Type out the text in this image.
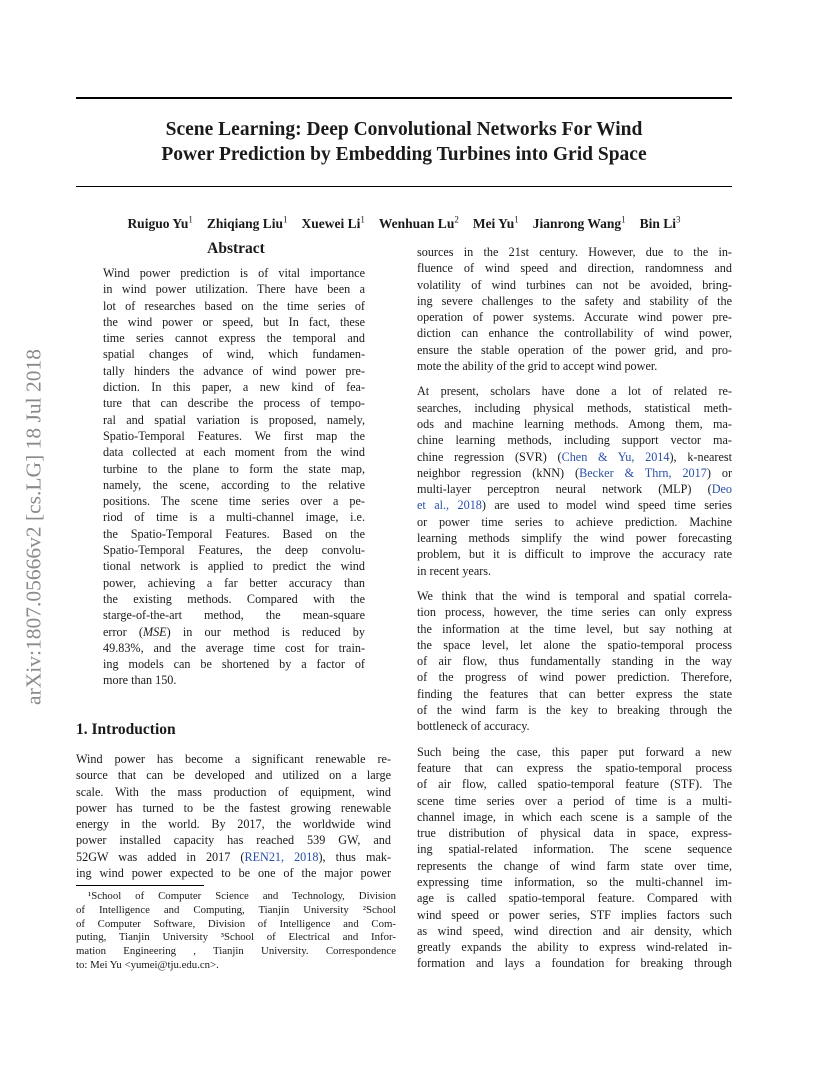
Scene Learning: Deep Convolutional Networks For Wind
Power Prediction by Embedding Turbines into Grid Space
Ruiguo Yu$^1$ Zhiqiang Liu$^1$ Xuewei Li$^1$ Wenhuan Lu$^2$ Mei Yu$^1$ Jianrong Wang$^1$ Bin Li$^3$
arXiv:1807.05666v2 [cs.LG] 18 Jul 2018
Abstract
Wind power prediction is of vital importance
in wind power utilization. There have been a
lot of researches based on the time series of
the wind power or speed, but In fact, these
time series cannot express the temporal and
spatial changes of wind, which fundamen-
tally hinders the advance of wind power pre-
diction. In this paper, a new kind of fea-
ture that can describe the process of tempo-
ral and spatial variation is proposed, namely,
Spatio-Temporal Features. We first map the
data collected at each moment from the wind
turbine to the plane to form the state map,
namely, the scene, according to the relative
positions. The scene time series over a pe-
riod of time is a multi-channel image, i.e.
the Spatio-Temporal Features. Based on the
Spatio-Temporal Features, the deep convolu-
tional network is applied to predict the wind
power, achieving a far better accuracy than
the existing methods. Compared with the
starge-of-the-art method, the mean-square
error (MSE) in our method is reduced by
49.83%, and the average time cost for train-
ing models can be shortened by a factor of
more than 150.
1. Introduction
Wind power has become a significant renewable re-
source that can be developed and utilized on a large
scale. With the mass production of equipment, wind
power has turned to be the fastest growing renewable
energy in the world. By 2017, the worldwide wind
power installed capacity has reached 539 GW, and
52GW was added in 2017 (REN21, 2018), thus mak-
ing wind power expected to be one of the major power
¹School of Computer Science and Technology, Division
of Intelligence and Computing, Tianjin University ²School
of Computer Software, Division of Intelligence and Com-
puting, Tianjin University ³School of Electrical and Infor-
mation Engineering , Tianjin University. Correspondence
to: Mei Yu <yumei@tju.edu.cn>.
sources in the 21st century. However, due to the in-
fluence of wind speed and direction, randomness and
volatility of wind turbines can not be avoided, bring-
ing severe challenges to the safety and stability of the
operation of power systems. Accurate wind power pre-
diction can enhance the controllability of wind power,
ensure the stable operation of the power grid, and pro-
mote the ability of the grid to accept wind power.
At present, scholars have done a lot of related re-
searches, including physical methods, statistical meth-
ods and machine learning methods. Among them, ma-
chine learning methods, including support vector ma-
chine regression (SVR) (Chen & Yu, 2014), k-nearest
neighbor regression (kNN) (Becker & Thrn, 2017) or
multi-layer perceptron neural network (MLP) (Deo
et al., 2018) are used to model wind speed time series
or power time series to achieve prediction. Machine
learning methods simplify the wind power forecasting
problem, but it is difficult to improve the accuracy rate
in recent years.
We think that the wind is temporal and spatial correla-
tion process, however, the time series can only express
the information at the time level, but say nothing at
the space level, let alone the spatio-temporal process
of air flow, thus fundamentally standing in the way
of the progress of wind power prediction. Therefore,
finding the features that can better express the state
of the wind farm is the key to breaking through the
bottleneck of accuracy.
Such being the case, this paper put forward a new
feature that can express the spatio-temporal process
of air flow, called spatio-temporal feature (STF). The
scene time series over a period of time is a multi-
channel image, in which each scene is a sample of the
true distribution of physical data in space, express-
ing spatial-related information. The scene sequence
represents the change of wind farm state over time,
expressing time information, so the multi-channel im-
age is called spatio-temporal feature. Compared with
wind speed or power series, STF implies factors such
as wind speed, wind direction and air density, which
greatly expands the ability to express wind-related in-
formation and lays a foundation for breaking through
